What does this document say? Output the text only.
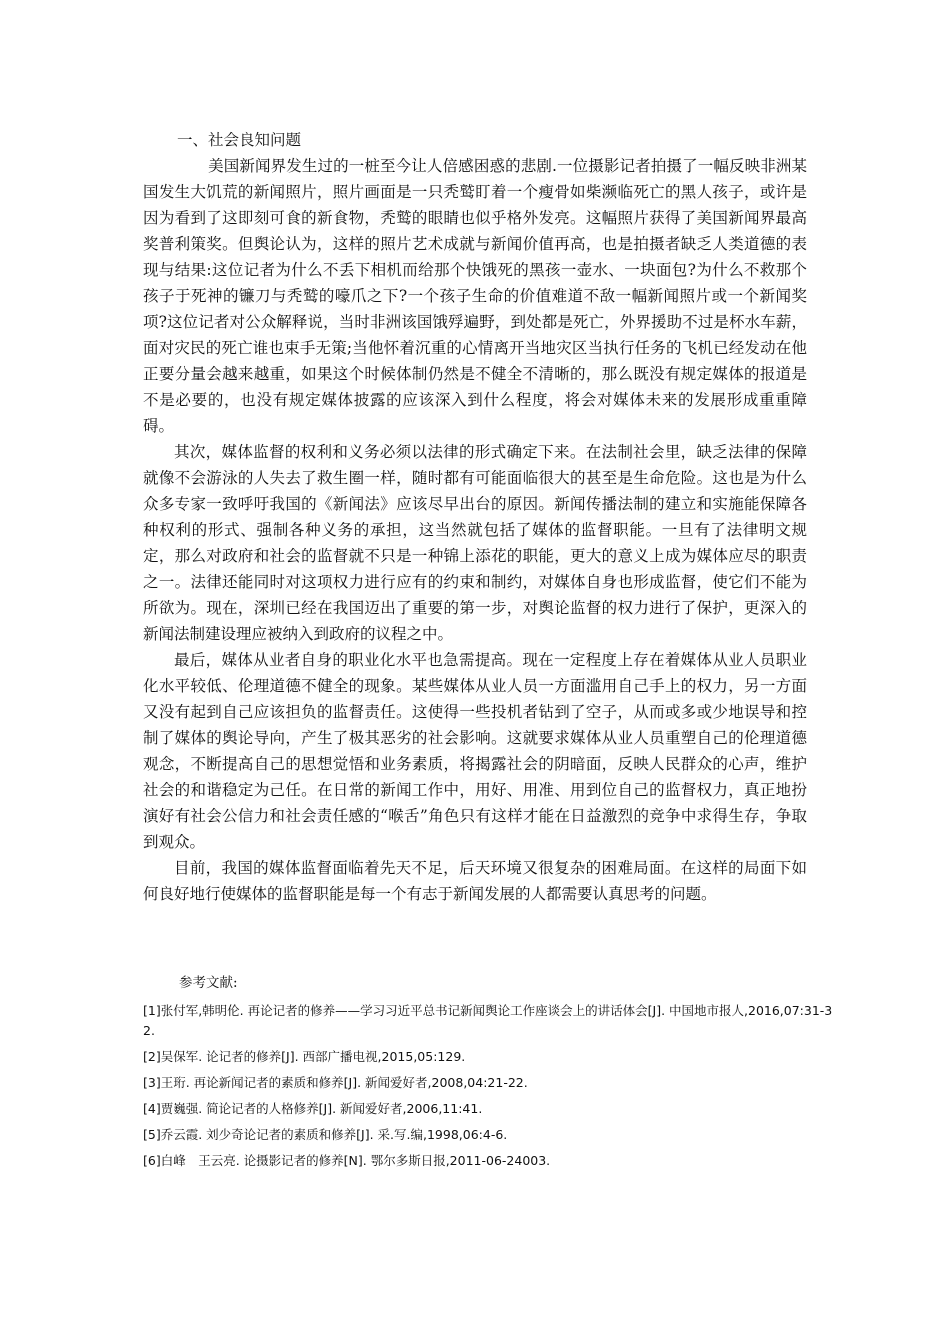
一、社会良知问题

美国新闻界发生过的一桩至今让人倍感困惑的悲剧.一位摄影记者拍摄了一幅反映非洲某国发生大饥荒的新闻照片，照片画面是一只秃鹫盯着一个瘦骨如柴濒临死亡的黑人孩子，或许是因为看到了这即刻可食的新食物，秃鹫的眼睛也似乎格外发亮。这幅照片获得了美国新闻界最高奖普利策奖。但舆论认为，这样的照片艺术成就与新闻价值再高，也是拍摄者缺乏人类道德的表现与结果:这位记者为什么不丢下相机而给那个快饿死的黑孩一壶水、一块面包?为什么不救那个孩子于死神的镰刀与秃鹫的嚎爪之下?一个孩子生命的价值难道不敌一幅新闻照片或一个新闻奖项?这位记者对公众解释说，当时非洲该国饿殍遍野，到处都是死亡，外界援助不过是杯水车薪，面对灾民的死亡谁也束手无策;当他怀着沉重的心情离开当地灾区当执行任务的飞机已经发动在他正要分量会越来越重，如果这个时候体制仍然是不健全不清晰的，那么既没有规定媒体的报道是不是必要的，也没有规定媒体披露的应该深入到什么程度，将会对媒体未来的发展形成重重障碍。

其次，媒体监督的权利和义务必须以法律的形式确定下来。在法制社会里，缺乏法律的保障就像不会游泳的人失去了救生圈一样，随时都有可能面临很大的甚至是生命危险。这也是为什么众多专家一致呼吁我国的《新闻法》应该尽早出台的原因。新闻传播法制的建立和实施能保障各种权利的形式、强制各种义务的承担，这当然就包括了媒体的监督职能。一旦有了法律明文规定，那么对政府和社会的监督就不只是一种锦上添花的职能，更大的意义上成为媒体应尽的职责之一。法律还能同时对这项权力进行应有的约束和制约，对媒体自身也形成监督，使它们不能为所欲为。现在，深圳已经在我国迈出了重要的第一步，对舆论监督的权力进行了保护，更深入的新闻法制建设理应被纳入到政府的议程之中。

最后，媒体从业者自身的职业化水平也急需提高。现在一定程度上存在着媒体从业人员职业化水平较低、伦理道德不健全的现象。某些媒体从业人员一方面滥用自己手上的权力，另一方面又没有起到自己应该担负的监督责任。这使得一些投机者钻到了空子，从而或多或少地误导和控制了媒体的舆论导向，产生了极其恶劣的社会影响。这就要求媒体从业人员重塑自己的伦理道德观念，不断提高自己的思想觉悟和业务素质，将揭露社会的阴暗面，反映人民群众的心声，维护社会的和谐稳定为己任。在日常的新闻工作中，用好、用准、用到位自己的监督权力，真正地扮演好有社会公信力和社会责任感的“喉舌”角色只有这样才能在日益激烈的竞争中求得生存，争取到观众。

目前，我国的媒体监督面临着先天不足，后天环境又很复杂的困难局面。在这样的局面下如何良好地行使媒体的监督职能是每一个有志于新闻发展的人都需要认真思考的问题。

参考文献:
[1]张付军,韩明伦. 再论记者的修养——学习习近平总书记新闻舆论工作座谈会上的讲话体会[J]. 中国地市报人,2016,07:31-32.
[2]吴保军. 论记者的修养[J]. 西部广播电视,2015,05:129.
[3]王珩. 再论新闻记者的素质和修养[J]. 新闻爱好者,2008,04:21-22.
[4]贾巍强. 简论记者的人格修养[J]. 新闻爱好者,2006,11:41.
[5]乔云霞. 刘少奇论记者的素质和修养[J]. 采.写.编,1998,06:4-6.
[6]白峰　王云亮. 论摄影记者的修养[N]. 鄂尔多斯日报,2011-06-24003.
